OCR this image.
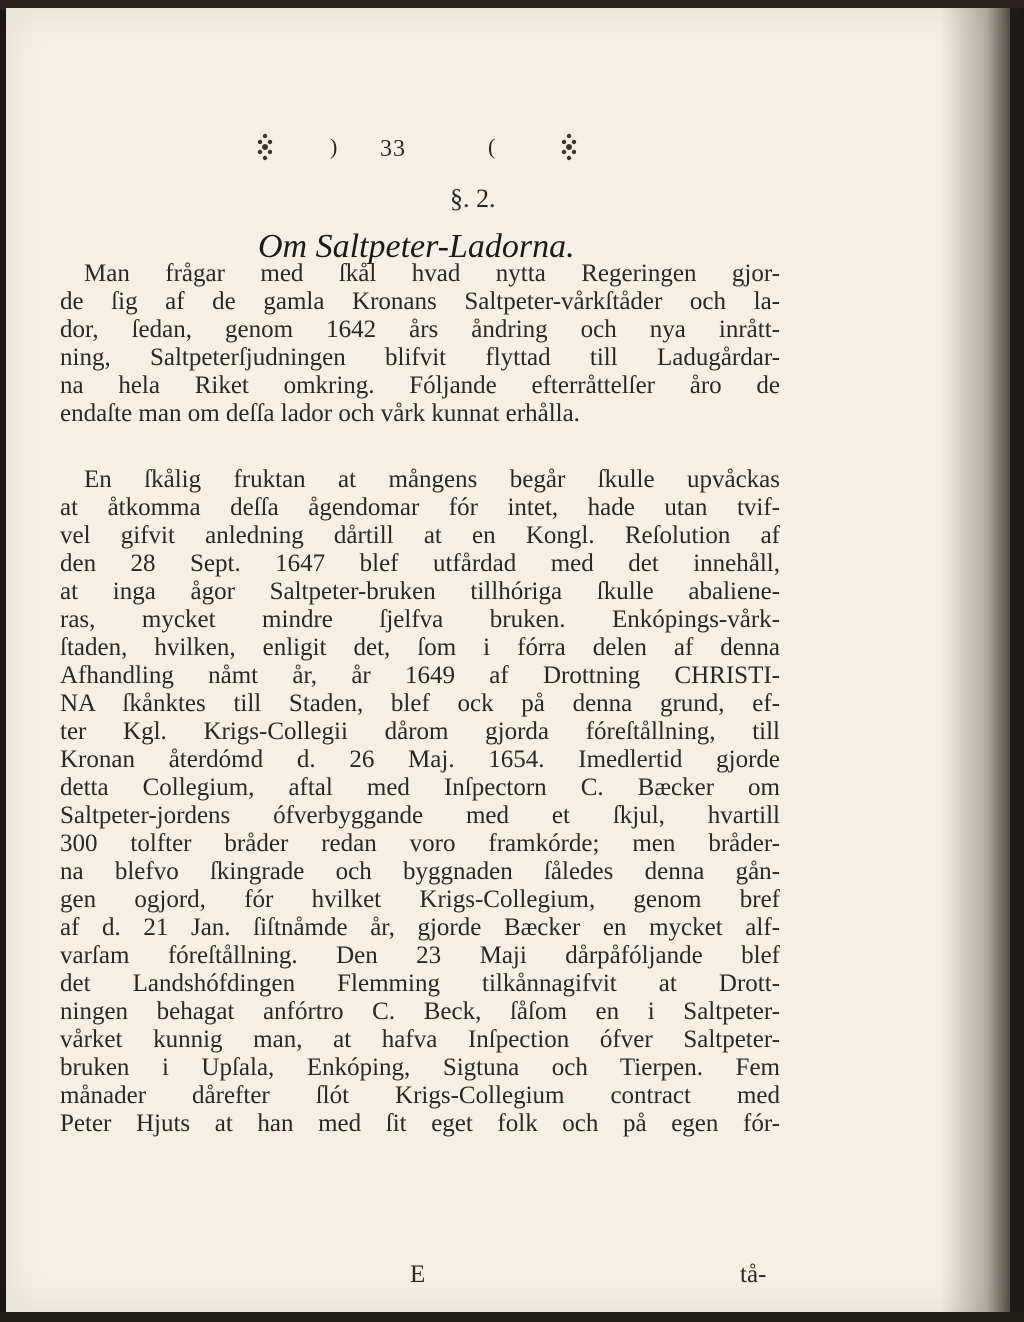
) 33	(
§. 2.
Om Saltpeter-Ladorna.
Man frågar med ſkål hvad nytta Regeringen gjor-
de ſig af de gamla Kronans Saltpeter-vårkſtåder och la-
dor, ſedan, genom 1642 års åndring och nya inrått-
ning, Saltpeterſjudningen blifvit flyttad till Ladugårdar-
na hela Riket omkring. Fóljande efterråttelſer åro de
endaſte man om deſſa lador och vårk kunnat erhålla.
En ſkålig fruktan at mångens begår ſkulle upvåckas
at åtkomma deſſa ågendomar fór intet, hade utan tvif-
vel gifvit anledning dårtill at en Kongl. Reſolution af
den 28 Sept. 1647 blef utfårdad med det innehåll,
at inga ågor Saltpeter-bruken tillhóriga ſkulle abaliene-
ras, mycket mindre ſjelfva bruken. Enkópings-vårk-
ſtaden, hvilken, enligit det, ſom i fórra delen af denna
Afhandling nåmt år, år 1649 af Drottning CHRISTI-
NA ſkånktes till Staden, blef ock på denna grund, ef-
ter Kgl. Krigs-Collegii dårom gjorda fóreſtållning, till
Kronan återdómd d. 26 Maj. 1654. Imedlertid gjorde
detta Collegium, aftal med Inſpectorn C. Bæcker om
Saltpeter-jordens ófverbyggande med et ſkjul, hvartill
300 tolfter bråder redan voro framkórde; men bråder-
na blefvo ſkingrade och byggnaden ſåledes denna gån-
gen ogjord, fór hvilket Krigs-Collegium, genom bref
af d. 21 Jan. ſiſtnåmde år, gjorde Bæcker en mycket alf-
varſam fóreſtållning. Den 23 Maji dårpåfóljande blef
det Landshófdingen Flemming tilkånnagifvit at Drott-
ningen behagat anfórtro C. Beck, ſåſom en i Saltpeter-
vårket kunnig man, at hafva Inſpection ófver Saltpeter-
bruken i Upſala, Enkóping, Sigtuna och Tierpen. Fem
månader dårefter ſlót Krigs-Collegium contract med
Peter Hjuts at han med ſit eget folk och på egen fór-
E	tå-
